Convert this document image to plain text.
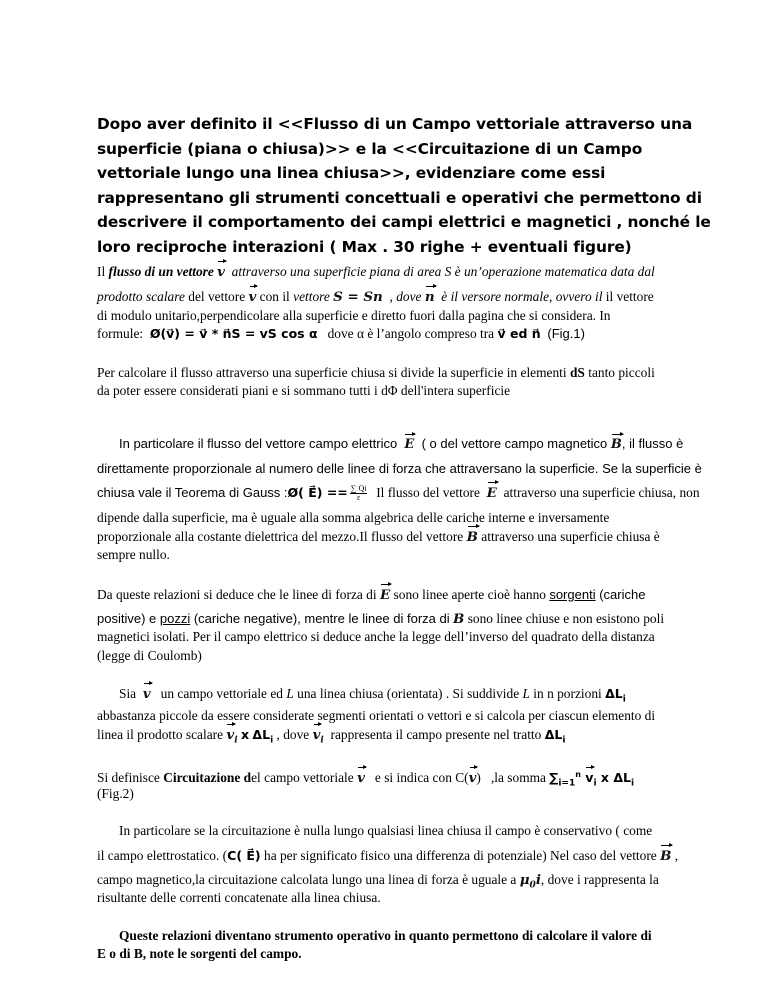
Dopo aver definito il <<Flusso di un Campo vettoriale attraverso una superficie (piana o chiusa)>> e la <<Circuitazione di un Campo vettoriale lungo una linea chiusa>>, evidenziare come essi rappresentano gli strumenti concettuali e operativi che permettono di descrivere il comportamento dei campi elettrici e magnetici , nonché le loro reciproche interazioni ( Max . 30 righe + eventuali figure)
Il flusso di un vettore v attraverso una superficie piana di area S è un’operazione matematica data dal
prodotto scalare del vettore v con il vettore S = Sn , dove n è il versore normale, ovvero il il vettore
di modulo unitario,perpendicolare alla superficie e diretto fuori dalla pagina che si considera. In
formule: Ø(v⃗) = v⃗ * n⃗S = vS cos α dove α è l’angolo compreso tra v⃗ ed n⃗ (Fig.1)
Per calcolare il flusso attraverso una superficie chiusa si divide la superficie in elementi dS tanto piccoli
da poter essere considerati piani e si sommano tutti i dΦ dell'intera superficie
In particolare il flusso del vettore campo elettrico E ( o del vettore campo magnetico B, il flusso è
direttamente proporzionale al numero delle linee di forza che attraversano la superficie. Se la superficie è
chiusa vale il Teorema di Gauss :Ø( E⃗) == $\frac{\sum Qi}{\varepsilon}$ Il flusso del vettore E attraverso una superficie chiusa, non
dipende dalla superficie, ma è uguale alla somma algebrica delle cariche interne e inversamente
proporzionale alla costante dielettrica del mezzo.Il flusso del vettore B attraverso una superficie chiusa è
sempre nullo.
Da queste relazioni si deduce che le linee di forza di E sono linee aperte cioè hanno sorgenti (cariche
positive) e pozzi (cariche negative), mentre le linee di forza di B sono linee chiuse e non esistono poli
magnetici isolati. Per il campo elettrico si deduce anche la legge dell’inverso del quadrato della distanza
(legge di Coulomb)
Sia v un campo vettoriale ed L una linea chiusa (orientata) . Si suddivide L in n porzioni $\Delta L_i$
abbastanza piccole da essere considerate segmenti orientati o vettori e si calcola per ciascun elemento di
linea il prodotto scalare $v_i$ x $\Delta L_i$ , dove $v_i$ rappresenta il campo presente nel tratto $\Delta L_i$
Si definisce Circuitazione del campo vettoriale v e si indica con C(v) ,la somma $\sum_{i=1}^n$ $v_i$ x $\Delta L_i$
(Fig.2)
In particolare se la circuitazione è nulla lungo qualsiasi linea chiusa il campo è conservativo ( come
il campo elettrostatico. (C( E⃗) ha per significato fisico una differenza di potenziale) Nel caso del vettore B ,
campo magnetico,la circuitazione calcolata lungo una linea di forza è uguale a $\mu_0i$, dove i rappresenta la
risultante delle correnti concatenate alla linea chiusa.
Queste relazioni diventano strumento operativo in quanto permettono di calcolare il valore di
E o di B, note le sorgenti del campo.
